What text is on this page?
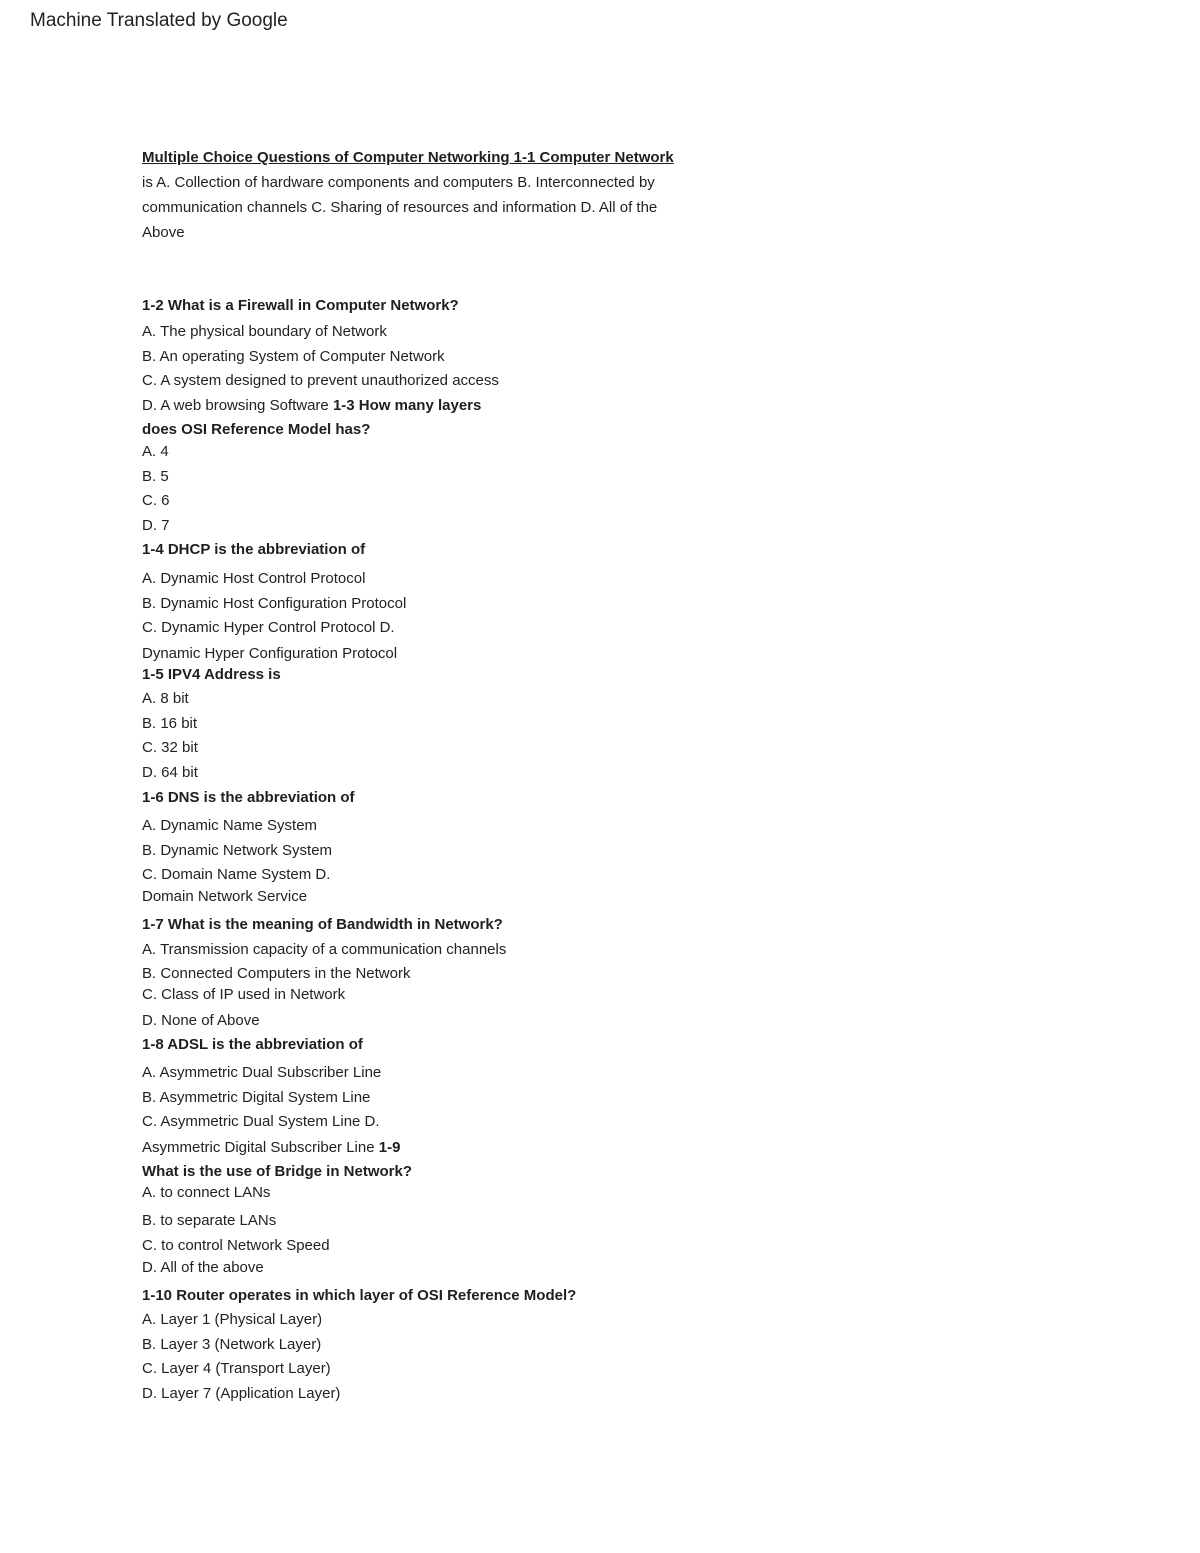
Machine Translated by Google
Multiple Choice Questions of Computer Networking 1-1 Computer Network
is A. Collection of hardware components and computers B. Interconnected by
communication channels C. Sharing of resources and information D. All of the
Above
1-2 What is a Firewall in Computer Network?
A. The physical boundary of Network
B. An operating System of Computer Network
C. A system designed to prevent unauthorized access
D. A web browsing Software 1-3 How many layers
does OSI Reference Model has?
A. 4
B. 5
C. 6
D. 7
1-4 DHCP is the abbreviation of
A. Dynamic Host Control Protocol
B. Dynamic Host Configuration Protocol
C. Dynamic Hyper Control Protocol D.
Dynamic Hyper Configuration Protocol
1-5 IPV4 Address is
A. 8 bit
B. 16 bit
C. 32 bit
D. 64 bit
1-6 DNS is the abbreviation of
A. Dynamic Name System
B. Dynamic Network System
C. Domain Name System D.
Domain Network Service
1-7 What is the meaning of Bandwidth in Network?
A. Transmission capacity of a communication channels
B. Connected Computers in the Network
C. Class of IP used in Network
D. None of Above
1-8 ADSL is the abbreviation of
A. Asymmetric Dual Subscriber Line
B. Asymmetric Digital System Line
C. Asymmetric Dual System Line D.
Asymmetric Digital Subscriber Line 1-9
What is the use of Bridge in Network?
A. to connect LANs
B. to separate LANs
C. to control Network Speed
D. All of the above
1-10 Router operates in which layer of OSI Reference Model?
A. Layer 1 (Physical Layer)
B. Layer 3 (Network Layer)
C. Layer 4 (Transport Layer)
D. Layer 7 (Application Layer)
